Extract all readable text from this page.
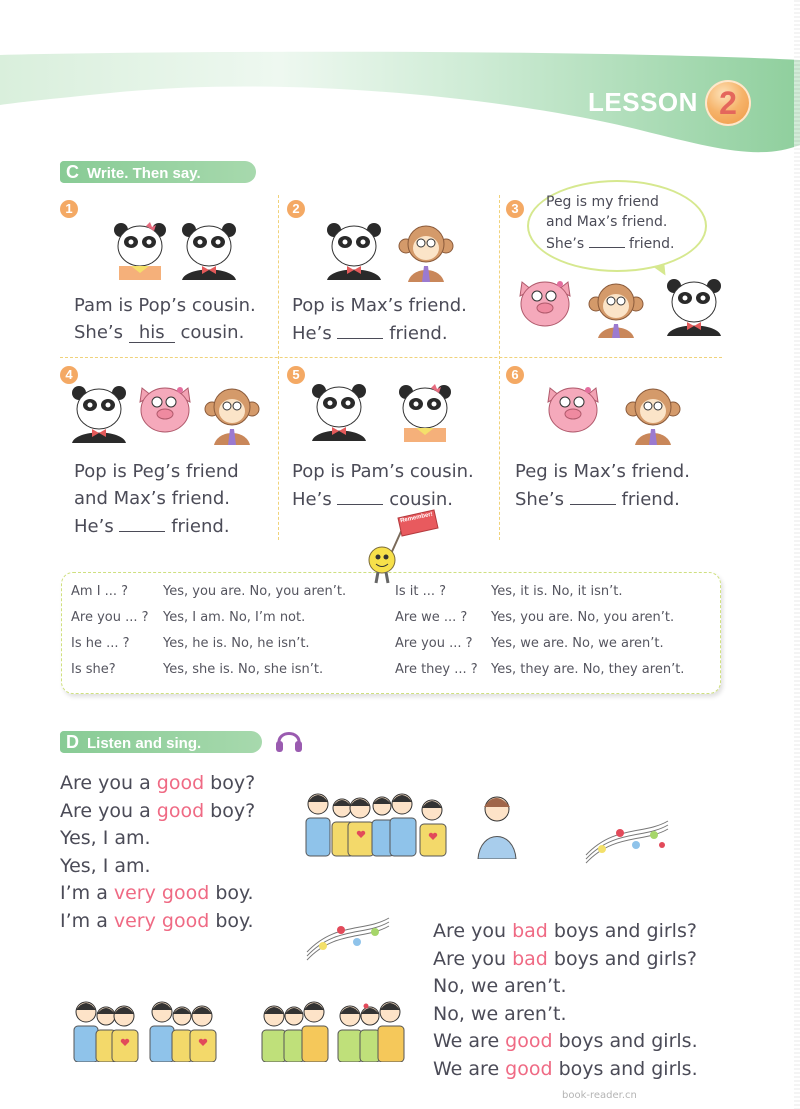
LESSON 2
C Write. Then say.
1
Pam is Pop’s cousin.
She’s his cousin.
2
Pop is Max’s friend.
He’s	friend.
3	Peg is my friend
and Max’s friend.
She’s	friend.
4
Pop is Peg’s friend
and Max’s friend.
He’s	friend.
5
Pop is Pam’s cousin.
He’s	cousin.
6
Peg is Max’s friend.
She’s	friend.
Remember!
Am I ... ?	Yes, you are. No, you aren’t.
Are you ... ? Yes, I am. No, I’m not.
Is he ... ?	Yes, he is. No, he isn’t.
Is she?	Yes, she is. No, she isn’t.
Is it ... ?	Yes, it is. No, it isn’t.
Are we ... ? Yes, you are. No, you aren’t.
Are you ... ? Yes, we are. No, we aren’t.
Are they ... ? Yes, they are. No, they aren’t.
D Listen and sing.
Are you a good boy?
Are you a good boy?
Yes, I am.
Yes, I am.
I’m a very good boy.
I’m a very good boy.	Are you bad boys and girls?
Are you bad boys and girls?
No, we aren’t.
No, we aren’t.
We are good boys and girls.
We are good boys and girls.
book-reader.cn
